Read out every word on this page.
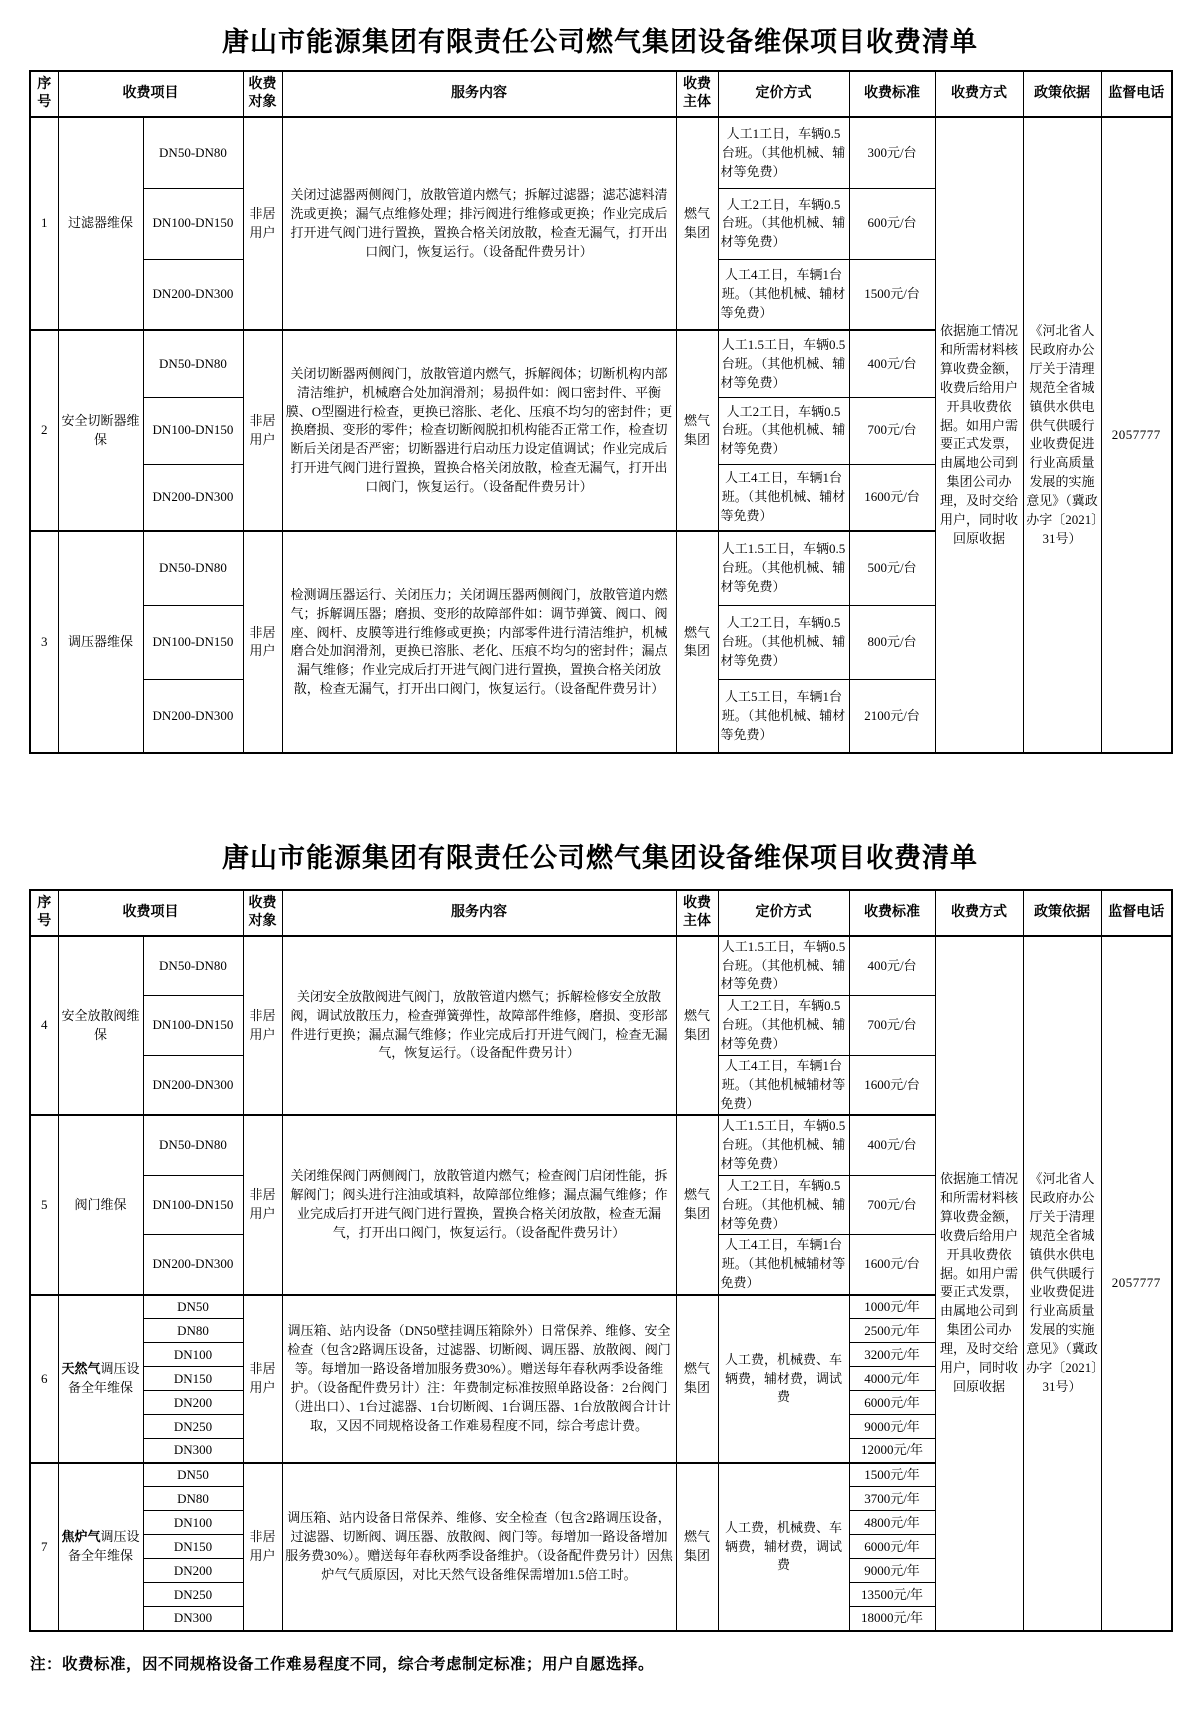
唐山市能源集团有限责任公司燃气集团设备维保项目收费清单
序号	收费项目		收费对象	服务内容	收费主体	定价方式	收费标准	收费方式	政策依据	监督电话
1	过滤器维保	DN50-DN80	非居用户	关闭过滤器两侧阀门，放散管道内燃气；拆解过滤器；滤芯滤料清洗或更换；漏气点维修处理；排污阀进行维修或更换；作业完成后打开进气阀门进行置换，置换合格关闭放散，检查无漏气，打开出口阀门，恢复运行。（设备配件费另计）	燃气集团	人工1工日，车辆0.5台班。（其他机械、辅材等免费）	300元/台	依据施工情况和所需材料核算收费金额，收费后给用户开具收费依据。如用户需要正式发票，由属地公司到集团公司办理，及时交给用户，同时收回原收据	《河北省人民政府办公厅关于清理规范全省城镇供水供电供气供暖行业收费促进行业高质量发展的实施意见》（冀政办字〔2021〕31号）	2057777
		DN100-DN150				人工2工日，车辆0.5台班。（其他机械、辅材等免费）	600元/台			
		DN200-DN300				人工4工日，车辆1台班。（其他机械、辅材等免费）	1500元/台			
2	安全切断器维保	DN50-DN80	非居用户	关闭切断器两侧阀门，放散管道内燃气，拆解阀体；切断机构内部清洁维护，机械磨合处加润滑剂；易损件如：阀口密封件、平衡膜、O型圈进行检查，更换已溶胀、老化、压痕不均匀的密封件；更换磨损、变形的零件；检查切断阀脱扣机构能否正常工作，检查切断后关闭是否严密；切断器进行启动压力设定值调试；作业完成后打开进气阀门进行置换，置换合格关闭放散，检查无漏气，打开出口阀门，恢复运行。（设备配件费另计）	燃气集团	人工1.5工日，车辆0.5台班。（其他机械、辅材等免费）	400元/台			
		DN100-DN150				人工2工日，车辆0.5台班。（其他机械、辅材等免费）	700元/台			
		DN200-DN300				人工4工日，车辆1台班。（其他机械、辅材等免费）	1600元/台			
3	调压器维保	DN50-DN80	非居用户	检测调压器运行、关闭压力；关闭调压器两侧阀门，放散管道内燃气；拆解调压器；磨损、变形的故障部件如：调节弹簧、阀口、阀座、阀杆、皮膜等进行维修或更换；内部零件进行清洁维护，机械磨合处加润滑剂，更换已溶胀、老化、压痕不均匀的密封件；漏点漏气维修；作业完成后打开进气阀门进行置换，置换合格关闭放散，检查无漏气，打开出口阀门，恢复运行。（设备配件费另计）	燃气集团	人工1.5工日，车辆0.5台班。（其他机械、辅材等免费）	500元/台			
		DN100-DN150				人工2工日，车辆0.5台班。（其他机械、辅材等免费）	800元/台			
		DN200-DN300				人工5工日，车辆1台班。（其他机械、辅材等免费）	2100元/台			
唐山市能源集团有限责任公司燃气集团设备维保项目收费清单
序号	收费项目		收费对象	服务内容	收费主体	定价方式	收费标准	收费方式	政策依据	监督电话
4	安全放散阀维保	DN50-DN80	非居用户	关闭安全放散阀进气阀门，放散管道内燃气；拆解检修安全放散阀，调试放散压力，检查弹簧弹性，故障部件维修，磨损、变形部件进行更换；漏点漏气维修；作业完成后打开进气阀门，检查无漏气，恢复运行。（设备配件费另计）	燃气集团	人工1.5工日，车辆0.5台班。（其他机械、辅材等免费）	400元/台	依据施工情况和所需材料核算收费金额，收费后给用户开具收费依据。如用户需要正式发票，由属地公司到集团公司办理，及时交给用户，同时收回原收据	《河北省人民政府办公厅关于清理规范全省城镇供水供电供气供暖行业收费促进行业高质量发展的实施意见》（冀政办字〔2021〕31号）	2057777
		DN100-DN150				人工2工日，车辆0.5台班。（其他机械、辅材等免费）	700元/台			
		DN200-DN300				人工4工日，车辆1台班。（其他机械辅材等免费）	1600元/台			
5	阀门维保	DN50-DN80	非居用户	关闭维保阀门两侧阀门，放散管道内燃气；检查阀门启闭性能，拆解阀门；阀头进行注油或填料，故障部位维修；漏点漏气维修；作业完成后打开进气阀门进行置换，置换合格关闭放散，检查无漏气，打开出口阀门，恢复运行。（设备配件费另计）	燃气集团	人工1.5工日，车辆0.5台班。（其他机械、辅材等免费）	400元/台			
		DN100-DN150				人工2工日，车辆0.5台班。（其他机械、辅材等免费）	700元/台			
		DN200-DN300				人工4工日，车辆1台班。（其他机械辅材等免费）	1600元/台			
6	天然气调压设备全年维保	DN50	非居用户	调压箱、站内设备（DN50壁挂调压箱除外）日常保养、维修、安全检查（包含2路调压设备，过滤器、切断阀、调压器、放散阀、阀门等。每增加一路设备增加服务费30%）。赠送每年春秋两季设备维护。（设备配件费另计）注：年费制定标准按照单路设备：2台阀门（进出口）、1台过滤器、1台切断阀、1台调压器、1台放散阀合计计取，又因不同规格设备工作难易程度不同，综合考虑计费。	燃气集团	人工费，机械费、车辆费，辅材费，调试费	1000元/年			
		DN80					2500元/年			
		DN100					3200元/年			
		DN150					4000元/年			
		DN200					6000元/年			
		DN250					9000元/年			
		DN300					12000元/年			
7	焦炉气调压设备全年维保	DN50	非居用户	调压箱、站内设备日常保养、维修、安全检查（包含2路调压设备，过滤器、切断阀、调压器、放散阀、阀门等。每增加一路设备增加服务费30%）。赠送每年春秋两季设备维护。（设备配件费另计）因焦炉气气质原因，对比天然气设备维保需增加1.5倍工时。	燃气集团	人工费，机械费、车辆费，辅材费，调试费	1500元/年			
		DN80					3700元/年			
		DN100					4800元/年			
		DN150					6000元/年			
		DN200					9000元/年			
		DN250					13500元/年			
		DN300					18000元/年			
注：收费标准，因不同规格设备工作难易程度不同，综合考虑制定标准；用户自愿选择。
